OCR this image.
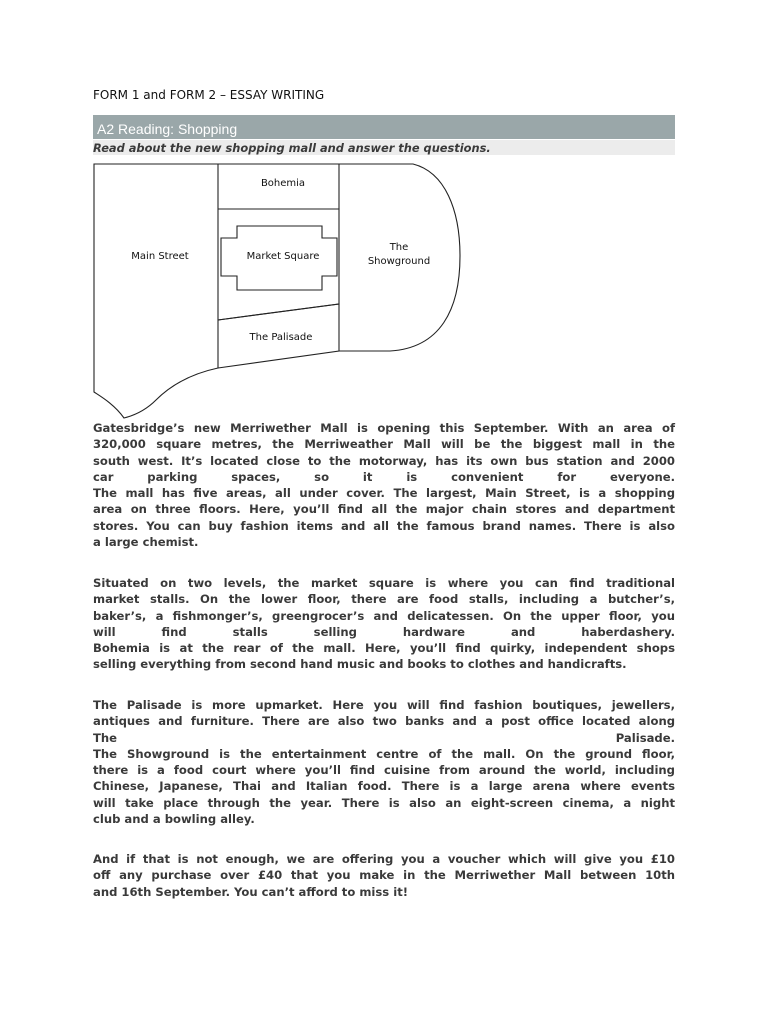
FORM 1 and FORM 2 – ESSAY WRITING
A2 Reading: Shopping
Read about the new shopping mall and answer the questions.
Main Street
Bohemia
Market Square
The
Showground
The Palisade

Gatesbridge’s new Merriwether Mall is opening this September. With an area of
320,000 square metres, the Merriweather Mall will be the biggest mall in the
south west. It’s located close to the motorway, has its own bus station and 2000
car parking spaces, so it is convenient for everyone.
The mall has five areas, all under cover. The largest, Main Street, is a shopping
area on three floors. Here, you’ll find all the major chain stores and department
stores. You can buy fashion items and all the famous brand names. There is also
a large chemist.

Situated on two levels, the market square is where you can find traditional
market stalls. On the lower floor, there are food stalls, including a butcher’s,
baker’s, a fishmonger’s, greengrocer’s and delicatessen. On the upper floor, you
will find stalls selling hardware and haberdashery.
Bohemia is at the rear of the mall. Here, you’ll find quirky, independent shops
selling everything from second hand music and books to clothes and handicrafts.

The Palisade is more upmarket. Here you will find fashion boutiques, jewellers,
antiques and furniture. There are also two banks and a post office located along
The	Palisade.
The Showground is the entertainment centre of the mall. On the ground floor,
there is a food court where you’ll find cuisine from around the world, including
Chinese, Japanese, Thai and Italian food. There is a large arena where events
will take place through the year. There is also an eight-screen cinema, a night
club and a bowling alley.

And if that is not enough, we are offering you a voucher which will give you £10
off any purchase over £40 that you make in the Merriwether Mall between 10th
and 16th September. You can’t afford to miss it!
